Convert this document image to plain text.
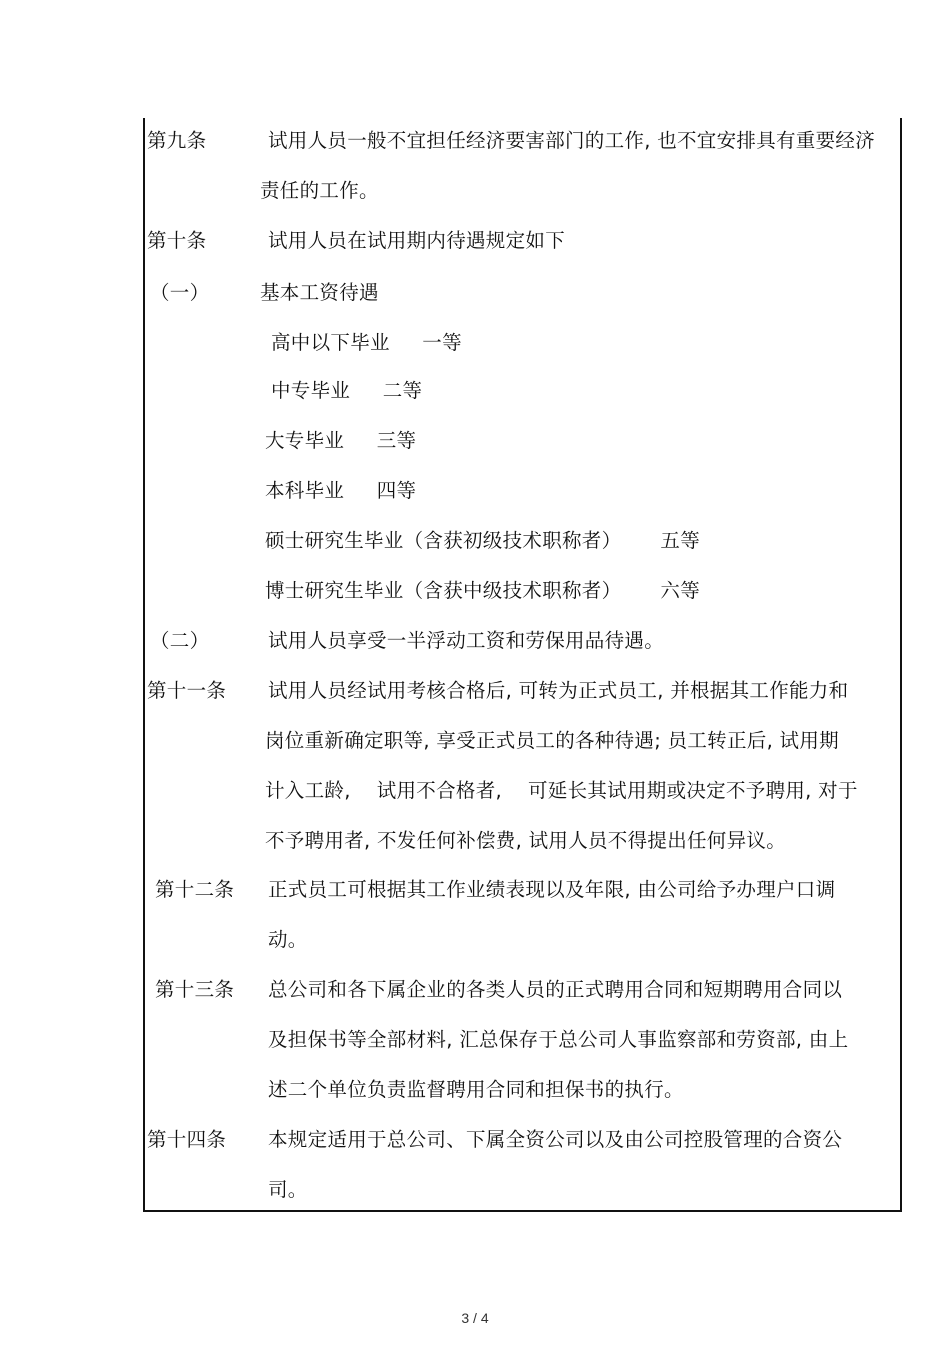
第九条	试用人员一般不宜担任经济要害部门的工作, 也不宜安排具有重要经济
责任的工作。
第十条	试用人员在试用期内待遇规定如下
（一）	基本工资待遇
高中以下毕业     一等
中专毕业     二等
大专毕业     三等
本科毕业     四等
硕士研究生毕业（含获初级技术职称者）      五等
博士研究生毕业（含获中级技术职称者）      六等
（二）	试用人员享受一半浮动工资和劳保用品待遇。
第十一条 试用人员经试用考核合格后, 可转为正式员工, 并根据其工作能力和
岗位重新确定职等, 享受正式员工的各种待遇; 员工转正后, 试用期
计入工龄,    试用不合格者,    可延长其试用期或决定不予聘用, 对于
不予聘用者, 不发任何补偿费, 试用人员不得提出任何异议。
第十二条 正式员工可根据其工作业绩表现以及年限, 由公司给予办理户口调
动。
第十三条 总公司和各下属企业的各类人员的正式聘用合同和短期聘用合同以
及担保书等全部材料, 汇总保存于总公司人事监察部和劳资部, 由上
述二个单位负责监督聘用合同和担保书的执行。
第十四条 本规定适用于总公司、下属全资公司以及由公司控股管理的合资公
司。
3 / 4
